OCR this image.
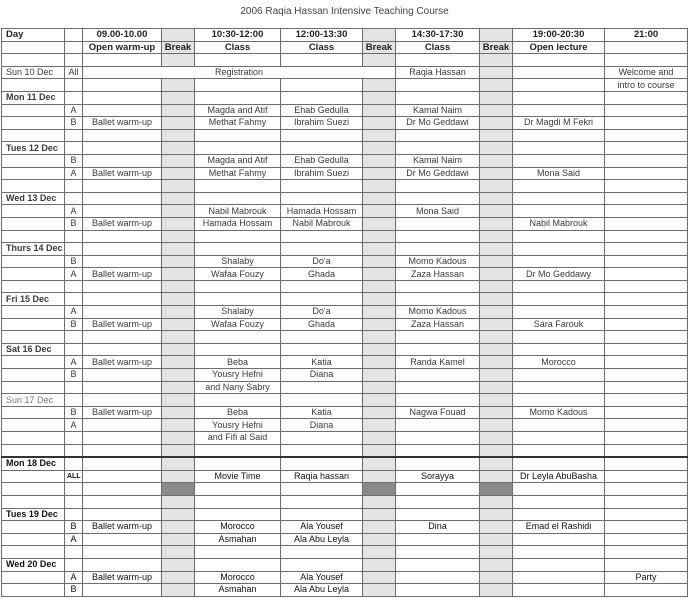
2006 Raqia Hassan Intensive Teaching Course
Day		09.00-10.00		10:30-12:00	12:00-13:30		14:30-17:30		19:00-20:30	21:00
		Open warm-up	Break	Class	Class	Break	Class	Break	Open lecture	

Sun 10 Dec	All	Registration					Raqia Hassan			Welcome and
										intro to course
Mon 11 Dec										
	A			Magda and Atif	Ehab Gedulla		Kamal Naim			
	B	Ballet warm-up		Methat Fahmy	Ibrahim Suezi		Dr Mo Geddawi		Dr Magdi M Fekri	

Tues 12 Dec										
	B			Magda and Atif	Ehab Gedulla		Kamal Naim			
	A	Ballet warm-up		Methat Fahmy	Ibrahim Suezi		Dr Mo Geddawi		Mona Said	

Wed 13 Dec										
	A			Nabil Mabrouk	Hamada Hossam		Mona Said			
	B	Ballet warm-up		Hamada Hossam	Nabil Mabrouk				Nabil Mabrouk	

Thurs 14 Dec										
	B			Shalaby	Do'a		Momo Kadous			
	A	Ballet warm-up		Wafaa Fouzy	Ghada		Zaza Hassan		Dr Mo Geddawy	

Fri 15 Dec										
	A			Shalaby	Do'a		Momo Kadous			
	B	Ballet warm-up		Wafaa Fouzy	Ghada		Zaza Hassan		Sara Farouk	

Sat 16 Dec										
	A	Ballet warm-up		Beba	Katia		Randa Kamel		Morocco	
	B			Yousry Hefni	Diana					
				and Nany Sabry						
Sun 17 Dec										
	B	Ballet warm-up		Beba	Katia		Nagwa Fouad		Momo Kadous	
	A			Yousry Hefni	Diana					
				and Fifi al Said						

Mon 18 Dec										
	ALL			Movie Time	Raqia hassan		Sorayya		Dr Leyla AbuBasha	

Tues 19 Dec										
	B	Ballet warm-up		Morocco	Ala Yousef		Dina		Emad el Rashidi	
	A			Asmahan	Ala Abu Leyla					

Wed 20 Dec										
	A	Ballet warm-up		Morocco	Ala Yousef					Party
	B			Asmahan	Ala Abu Leyla					
